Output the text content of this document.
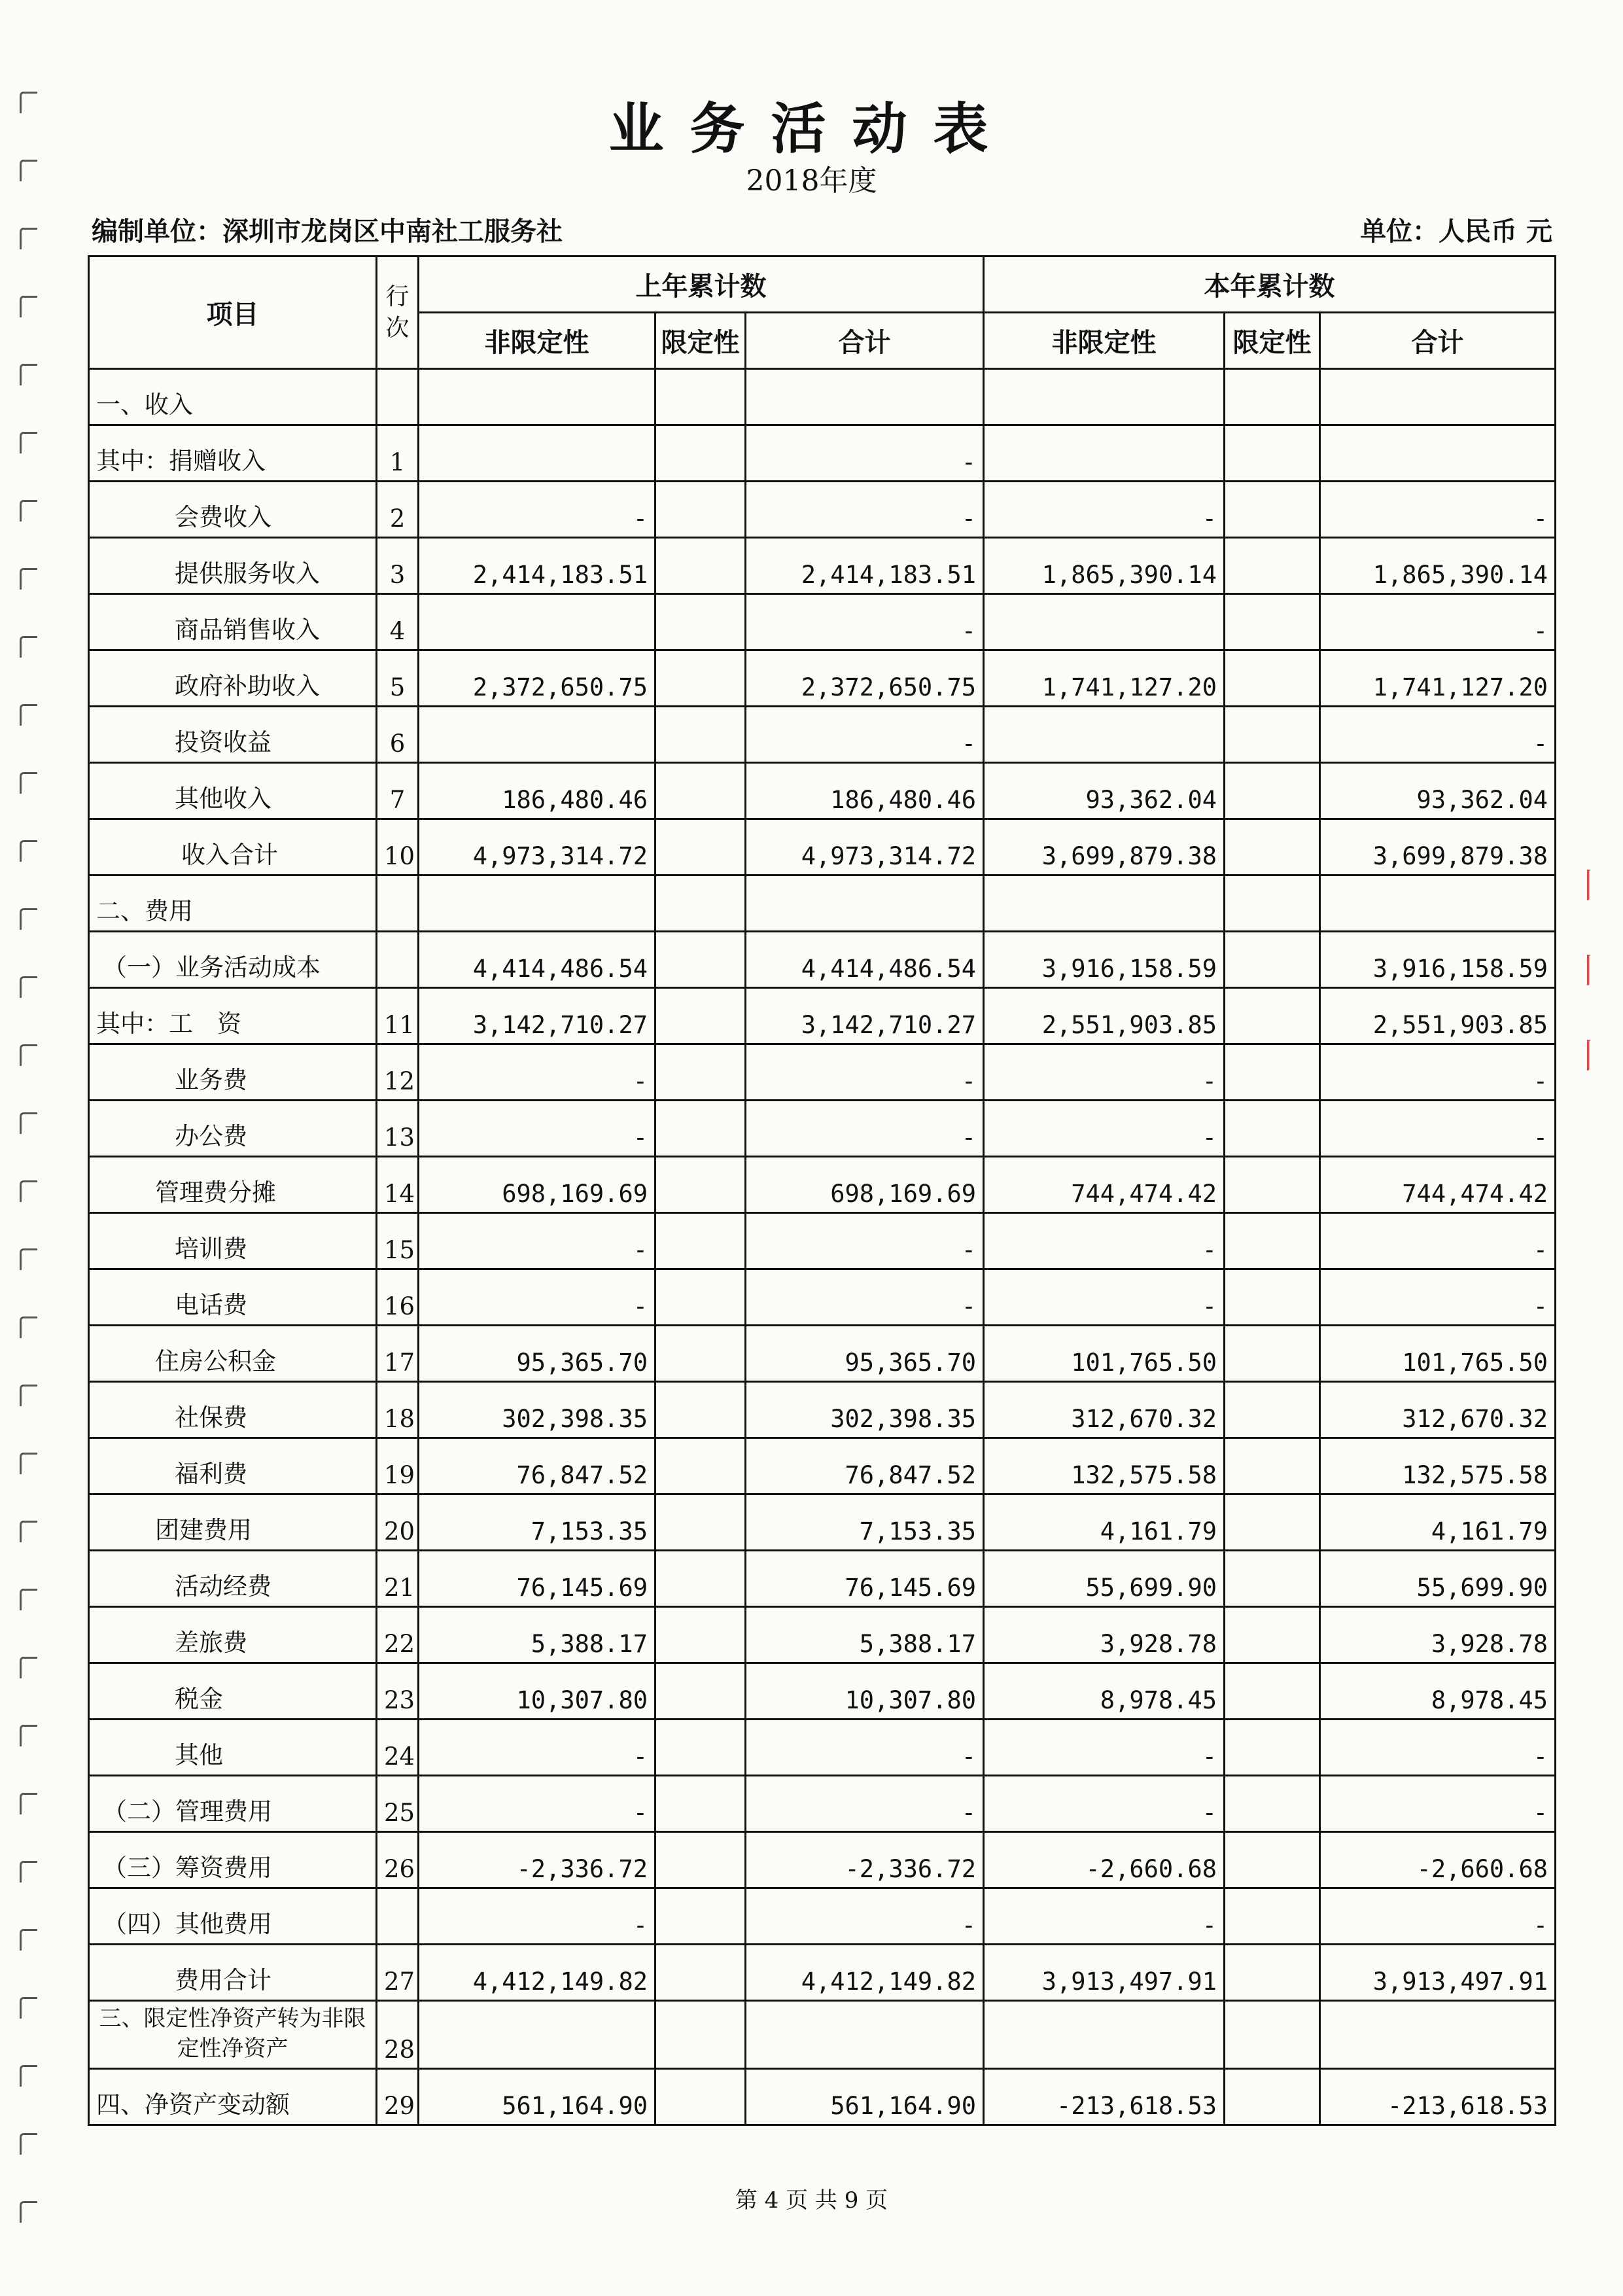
业务活动表
2018年度
编制单位：深圳市龙岗区中南社工服务社	单位：人民币 元
项目	行次	上年累计数			本年累计数		
		非限定性	限定性	合计	非限定性	限定性	合计
一、收入							
其中：捐赠收入	1			-			
会费收入	2	-		-	-		-
提供服务收入	3	2,414,183.51		2,414,183.51	1,865,390.14		1,865,390.14
商品销售收入	4			-			-
政府补助收入	5	2,372,650.75		2,372,650.75	1,741,127.20		1,741,127.20
投资收益	6			-			-
其他收入	7	186,480.46		186,480.46	93,362.04		93,362.04
收入合计	10	4,973,314.72		4,973,314.72	3,699,879.38		3,699,879.38
二、费用							
（一）业务活动成本		4,414,486.54		4,414,486.54	3,916,158.59		3,916,158.59
其中：工　资	11	3,142,710.27		3,142,710.27	2,551,903.85		2,551,903.85
业务费	12	-		-	-		-
办公费	13	-		-	-		-
管理费分摊	14	698,169.69		698,169.69	744,474.42		744,474.42
培训费	15	-		-	-		-
电话费	16	-		-	-		-
住房公积金	17	95,365.70		95,365.70	101,765.50		101,765.50
社保费	18	302,398.35		302,398.35	312,670.32		312,670.32
福利费	19	76,847.52		76,847.52	132,575.58		132,575.58
团建费用	20	7,153.35		7,153.35	4,161.79		4,161.79
活动经费	21	76,145.69		76,145.69	55,699.90		55,699.90
差旅费	22	5,388.17		5,388.17	3,928.78		3,928.78
税金	23	10,307.80		10,307.80	8,978.45		8,978.45
其他	24	-		-	-		-
（二）管理费用	25	-		-	-		-
（三）筹资费用	26	-2,336.72		-2,336.72	-2,660.68		-2,660.68
（四）其他费用		-		-	-		-
费用合计	27	4,412,149.82		4,412,149.82	3,913,497.91		3,913,497.91
三、限定性净资产转为非限定性净资产	28						
四、净资产变动额	29	561,164.90		561,164.90	-213,618.53		-213,618.53
丨
丨
丨
第 4 页 共 9 页
